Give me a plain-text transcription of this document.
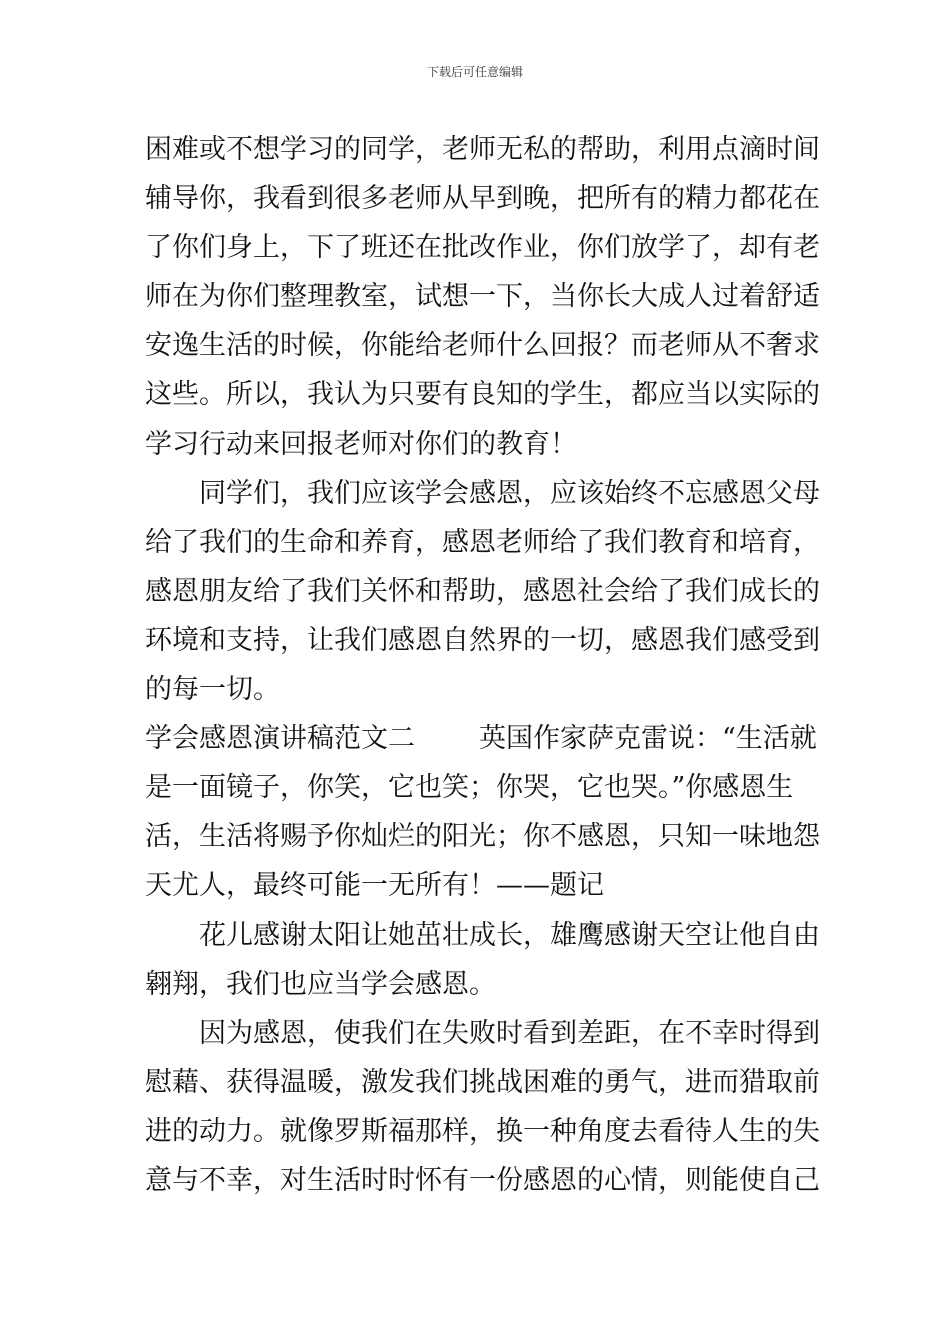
下载后可任意编辑
困难或不想学习的同学，老师无私的帮助，利用点滴时间
辅导你，我看到很多老师从早到晚，把所有的精力都花在
了你们身上，下了班还在批改作业，你们放学了，却有老
师在为你们整理教室，试想一下，当你长大成人过着舒适
安逸生活的时候，你能给老师什么回报？而老师从不奢求
这些。所以，我认为只要有良知的学生，都应当以实际的
学习行动来回报老师对你们的教育！
同学们，我们应该学会感恩，应该始终不忘感恩父母
给了我们的生命和养育，感恩老师给了我们教育和培育，
感恩朋友给了我们关怀和帮助，感恩社会给了我们成长的
环境和支持，让我们感恩自然界的一切，感恩我们感受到
的每一切。
学会感恩演讲稿范文二 英国作家萨克雷说：“生活就
是一面镜子，你笑，它也笑；你哭，它也哭。”你感恩生
活，生活将赐予你灿烂的阳光；你不感恩，只知一味地怨
天尤人，最终可能一无所有！——题记
花儿感谢太阳让她茁壮成长，雄鹰感谢天空让他自由
翱翔，我们也应当学会感恩。
因为感恩，使我们在失败时看到差距，在不幸时得到
慰藉、获得温暖，激发我们挑战困难的勇气，进而猎取前
进的动力。就像罗斯福那样，换一种角度去看待人生的失
意与不幸，对生活时时怀有一份感恩的心情，则能使自己
